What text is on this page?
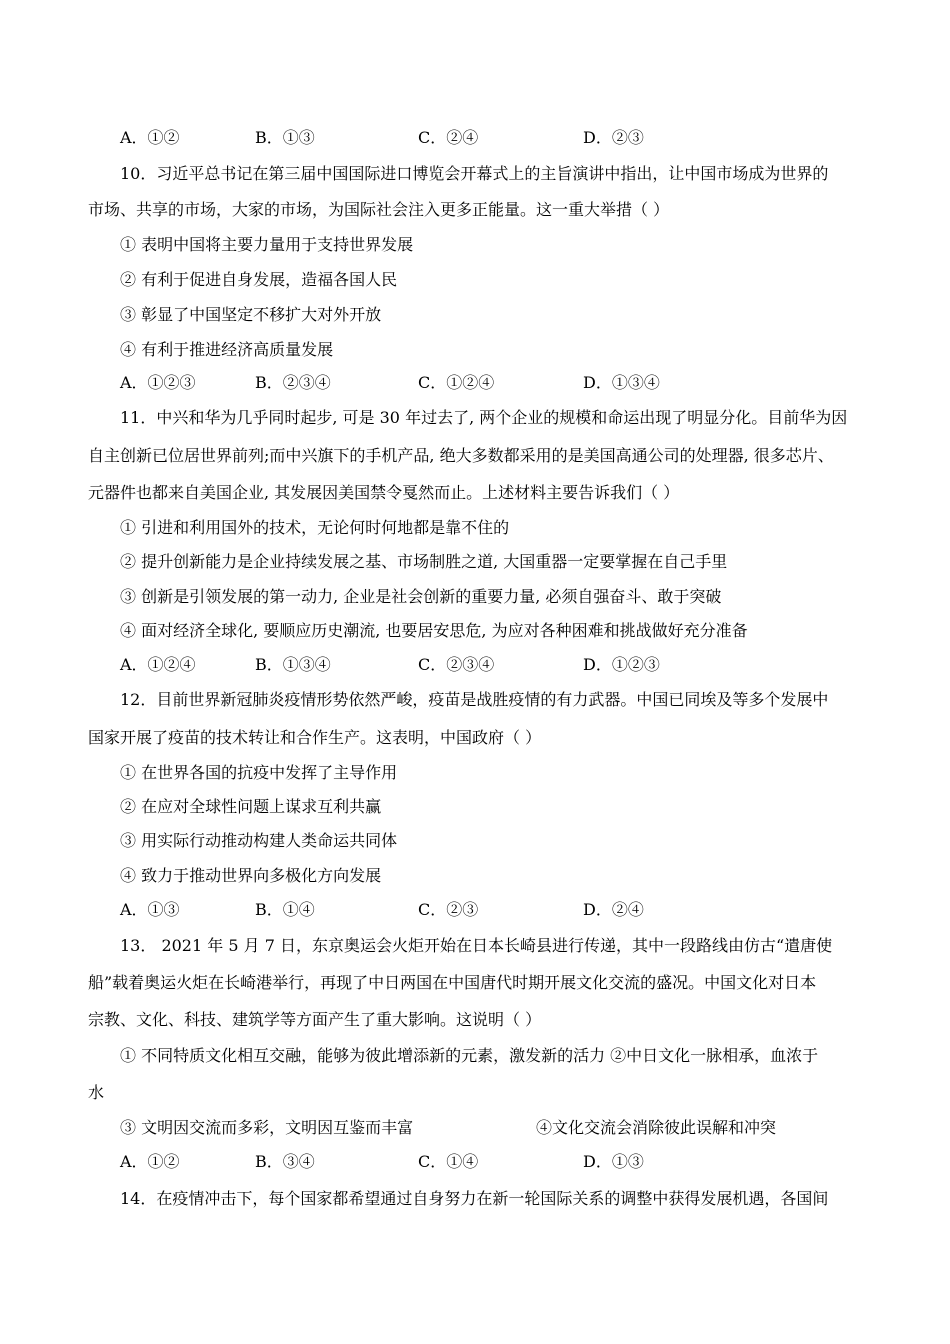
A．①②	B．①③	C．②④	D．②③
10．习近平总书记在第三届中国国际进口博览会开幕式上的主旨演讲中指出，让中国市场成为世界的
市场、共享的市场，大家的市场，为国际社会注入更多正能量。这一重大举措（ ）
① 表明中国将主要力量用于支持世界发展
② 有利于促进自身发展，造福各国人民
③ 彰显了中国坚定不移扩大对外开放
④ 有利于推进经济高质量发展
A．①②③	B．②③④	C．①②④	D．①③④
11．中兴和华为几乎同时起步, 可是 30 年过去了, 两个企业的规模和命运出现了明显分化。目前华为因
自主创新已位居世界前列;而中兴旗下的手机产品, 绝大多数都采用的是美国高通公司的处理器, 很多芯片、
元器件也都来自美国企业, 其发展因美国禁令戛然而止。上述材料主要告诉我们（ ）
① 引进和利用国外的技术，无论何时何地都是靠不住的
② 提升创新能力是企业持续发展之基、市场制胜之道, 大国重器一定要掌握在自己手里
③ 创新是引领发展的第一动力, 企业是社会创新的重要力量, 必须自强奋斗、敢于突破
④ 面对经济全球化, 要顺应历史潮流, 也要居安思危, 为应对各种困难和挑战做好充分准备
A．①②④	B．①③④	C．②③④	D．①②③
12．目前世界新冠肺炎疫情形势依然严峻，疫苗是战胜疫情的有力武器。中国已同埃及等多个发展中
国家开展了疫苗的技术转让和合作生产。这表明，中国政府（ ）
① 在世界各国的抗疫中发挥了主导作用
② 在应对全球性问题上谋求互利共赢
③ 用实际行动推动构建人类命运共同体
④ 致力于推动世界向多极化方向发展
A．①③	B．①④	C．②③	D．②④
13． 2021 年 5 月 7 日，东京奥运会火炬开始在日本长崎县进行传递，其中一段路线由仿古“遣唐使
船”载着奥运火炬在长崎港举行，再现了中日两国在中国唐代时期开展文化交流的盛况。中国文化对日本
宗教、文化、科技、建筑学等方面产生了重大影响。这说明（ ）
① 不同特质文化相互交融，能够为彼此增添新的元素，激发新的活力 ②中日文化一脉相承，血浓于
水
③ 文明因交流而多彩，文明因互鉴而丰富	④文化交流会消除彼此误解和冲突
A．①②	B．③④	C．①④	D．①③
14．在疫情冲击下，每个国家都希望通过自身努力在新一轮国际关系的调整中获得发展机遇，各国间
